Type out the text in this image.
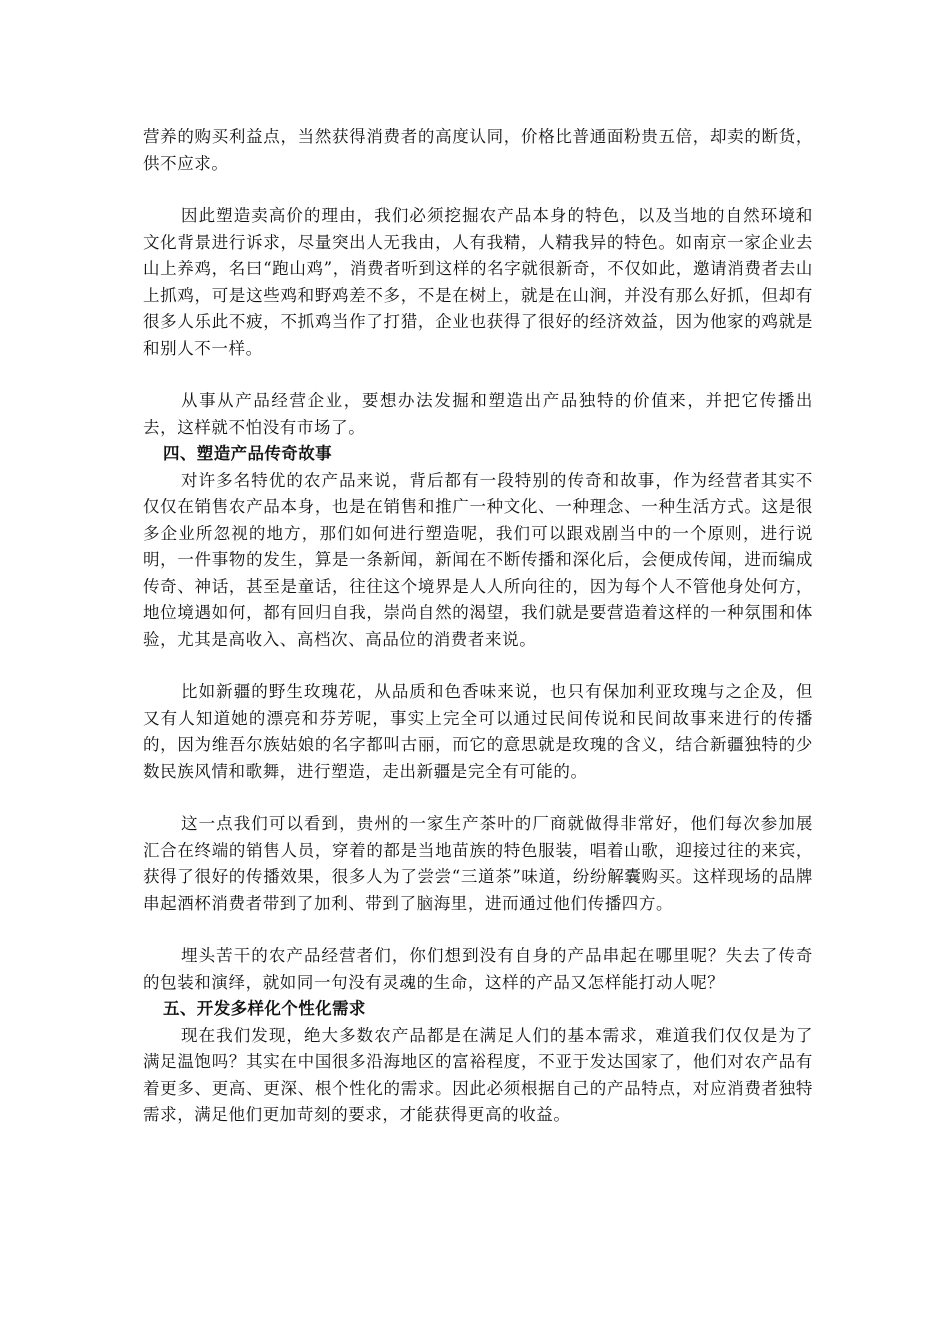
营养的购买利益点，当然获得消费者的高度认同，价格比普通面粉贵五倍，却卖的断货，供不应求。

因此塑造卖高价的理由，我们必须挖掘农产品本身的特色，以及当地的自然环境和文化背景进行诉求，尽量突出人无我由，人有我精，人精我异的特色。如南京一家企业去山上养鸡，名曰“跑山鸡”，消费者听到这样的名字就很新奇，不仅如此，邀请消费者去山上抓鸡，可是这些鸡和野鸡差不多，不是在树上，就是在山涧，并没有那么好抓，但却有很多人乐此不疲，不抓鸡当作了打猎，企业也获得了很好的经济效益，因为他家的鸡就是和别人不一样。

从事从产品经营企业，要想办法发掘和塑造出产品独特的价值来，并把它传播出去，这样就不怕没有市场了。

四、塑造产品传奇故事

对许多名特优的农产品来说，背后都有一段特别的传奇和故事，作为经营者其实不仅仅在销售农产品本身，也是在销售和推广一种文化、一种理念、一种生活方式。这是很多企业所忽视的地方，那们如何进行塑造呢，我们可以跟戏剧当中的一个原则，进行说明，一件事物的发生，算是一条新闻，新闻在不断传播和深化后，会便成传闻，进而编成传奇、神话，甚至是童话，往往这个境界是人人所向往的，因为每个人不管他身处何方，地位境遇如何，都有回归自我，崇尚自然的渴望，我们就是要营造着这样的一种氛围和体验，尤其是高收入、高档次、高品位的消费者来说。

比如新疆的野生玫瑰花，从品质和色香味来说，也只有保加利亚玫瑰与之企及，但又有人知道她的漂亮和芬芳呢，事实上完全可以通过民间传说和民间故事来进行的传播的，因为维吾尔族姑娘的名字都叫古丽，而它的意思就是玫瑰的含义，结合新疆独特的少数民族风情和歌舞，进行塑造，走出新疆是完全有可能的。

这一点我们可以看到，贵州的一家生产茶叶的厂商就做得非常好，他们每次参加展汇合在终端的销售人员，穿着的都是当地苗族的特色服装，唱着山歌，迎接过往的来宾，获得了很好的传播效果，很多人为了尝尝“三道茶”味道，纷纷解囊购买。这样现场的品牌串起酒杯消费者带到了加利、带到了脑海里，进而通过他们传播四方。

埋头苦干的农产品经营者们，你们想到没有自身的产品串起在哪里呢？失去了传奇的包装和演绎，就如同一句没有灵魂的生命，这样的产品又怎样能打动人呢？

五、开发多样化个性化需求

现在我们发现，绝大多数农产品都是在满足人们的基本需求，难道我们仅仅是为了满足温饱吗？其实在中国很多沿海地区的富裕程度，不亚于发达国家了，他们对农产品有着更多、更高、更深、根个性化的需求。因此必须根据自己的产品特点，对应消费者独特需求，满足他们更加苛刻的要求，才能获得更高的收益。
